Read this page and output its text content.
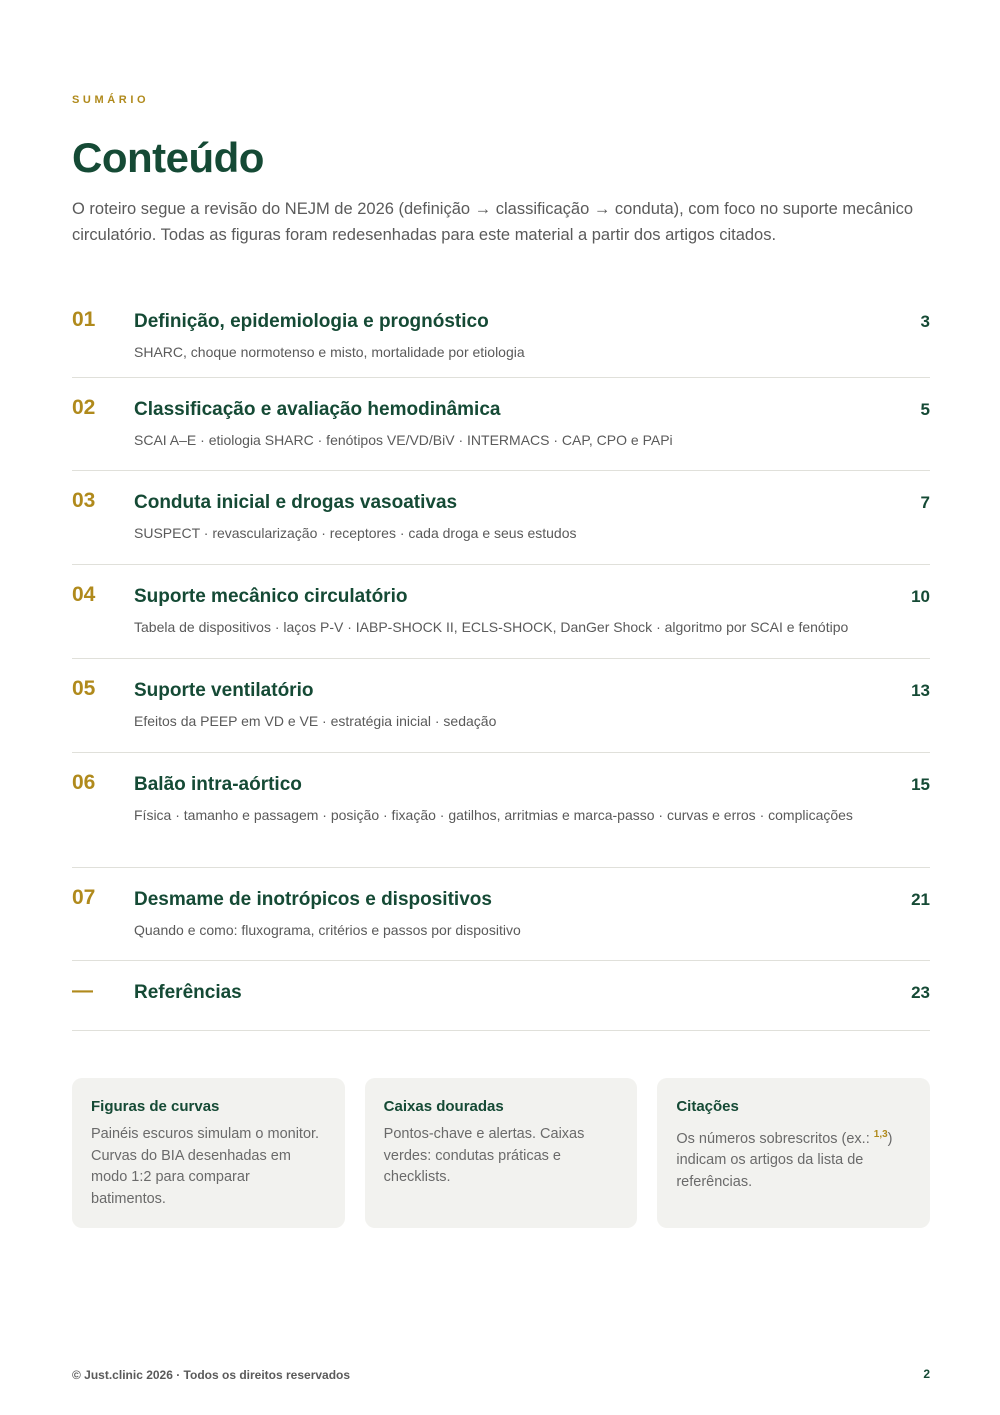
SUMÁRIO
Conteúdo

O roteiro segue a revisão do NEJM de 2026 (definição → classificação → conduta), com foco no suporte mecânico circulatório. Todas as figuras foram redesenhadas para este material a partir dos artigos citados.

01 Definição, epidemiologia e prognóstico
SHARC, choque normotenso e misto, mortalidade por etiologia
3
02 Classificação e avaliação hemodinâmica
SCAI A–E · etiologia SHARC · fenótipos VE/VD/BiV · INTERMACS · CAP, CPO e PAPi
5
03 Conduta inicial e drogas vasoativas
SUSPECT · revascularização · receptores · cada droga e seus estudos
7
04 Suporte mecânico circulatório
Tabela de dispositivos · laços P-V · IABP-SHOCK II, ECLS-SHOCK, DanGer Shock · algoritmo por SCAI e fenótipo
10
05 Suporte ventilatório
Efeitos da PEEP em VD e VE · estratégia inicial · sedação
13
06 Balão intra-aórtico
Física · tamanho e passagem · posição · fixação · gatilhos, arritmias e marca-passo · curvas e erros · complicações
15
07 Desmame de inotrópicos e dispositivos
Quando e como: fluxograma, critérios e passos por dispositivo
21
— Referências	23
Figuras de curvas
Painéis escuros simulam o monitor. Curvas do BIA desenhadas em modo 1:2 para comparar batimentos.
Caixas douradas
Pontos-chave e alertas. Caixas verdes: condutas práticas e checklists.
Citações
Os números sobrescritos (ex.: $^{1,3}$) indicam os artigos da lista de referências.
© Just.clinic 2026 · Todos os direitos reservados	2
